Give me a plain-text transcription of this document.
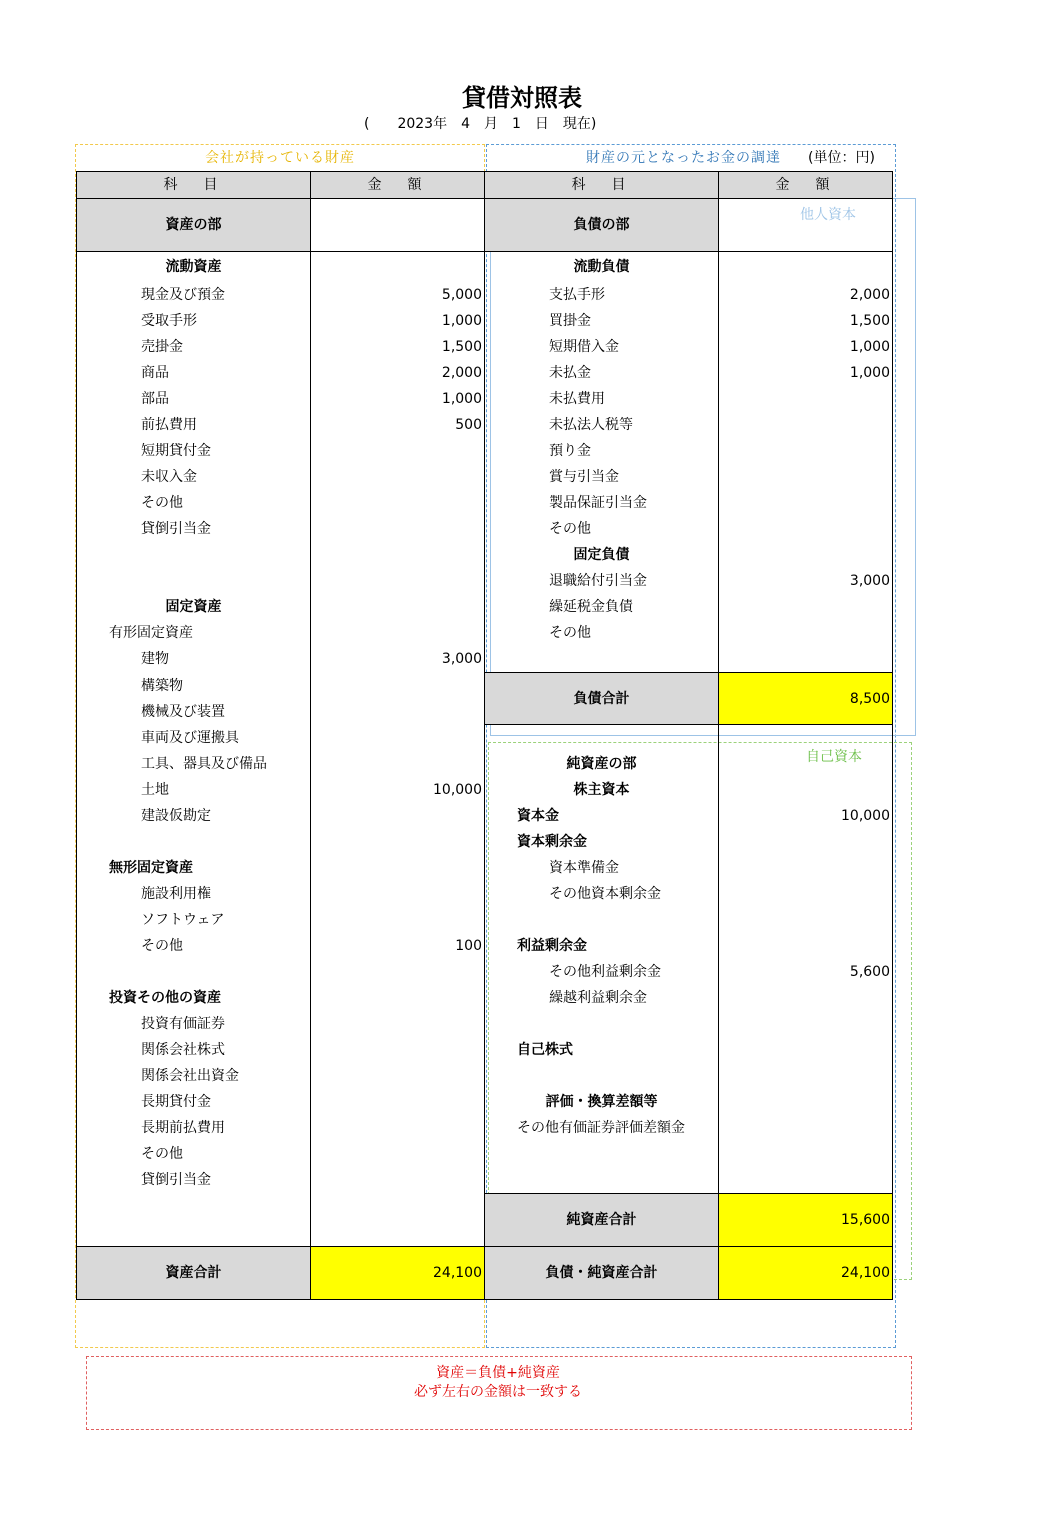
貸借対照表
(　　2023年　4　月　1　日　現在)
会社が持っている財産	財産の元となったお金の調達 (単位：円)
科　目	金　額	科　目	金　額
資産の部		負債の部	
流動資産		流動負債	
現金及び預金	5,000	支払手形	2,000
受取手形	1,000	買掛金	1,500
売掛金	1,500	短期借入金	1,000
商品	2,000	未払金	1,000
部品	1,000	未払費用	
前払費用	500	未払法人税等	
短期貸付金		預り金	
未収入金		賞与引当金	
その他		製品保証引当金	
貸倒引当金		その他	
		固定負債	
		退職給付引当金	3,000
固定資産		繰延税金負債	
有形固定資産		その他	
建物	3,000		
構築物		負債合計	8,500
機械及び装置			
車両及び運搬具			
工具、器具及び備品		純資産の部	
土地	10,000	株主資本	
建設仮勘定		資本金	10,000
		資本剰余金	
無形固定資産		資本準備金	
施設利用権		その他資本剰余金	
ソフトウェア			
その他	100	利益剰余金	
		その他利益剰余金	5,600
投資その他の資産		繰越利益剰余金	
投資有価証券			
関係会社株式		自己株式	
関係会社出資金			
長期貸付金		評価・換算差額等	
長期前払費用		その他有価証券評価差額金	
その他			
貸倒引当金			
		純資産合計	15,600

資産合計	24,100	負債・純資産合計	24,100
他人資本
自己資本
資産＝負債+純資産
必ず左右の金額は一致する
